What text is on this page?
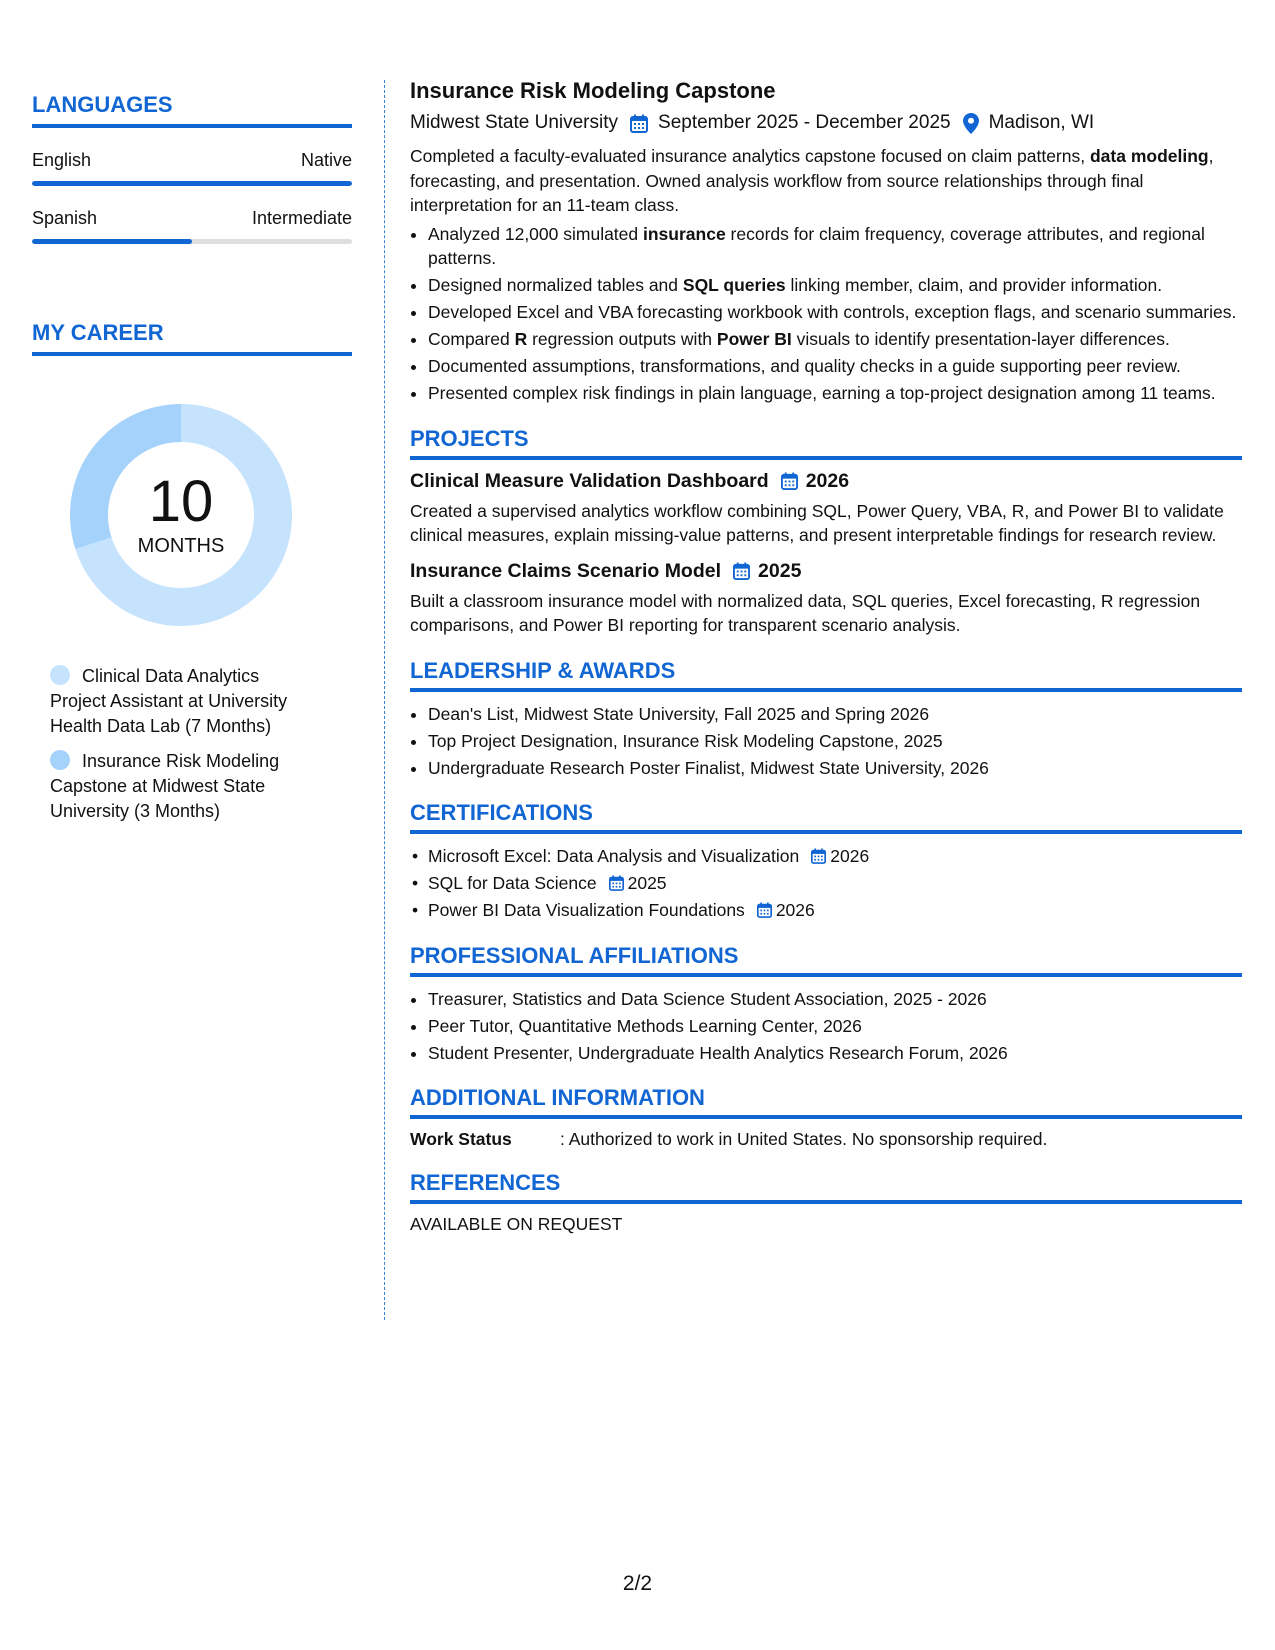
LANGUAGES
English	Native
Spanish	Intermediate
MY CAREER
10
MONTHS
Clinical Data Analytics Project Assistant at University Health Data Lab (7 Months)
Insurance Risk Modeling Capstone at Midwest State University (3 Months)
Insurance Risk Modeling Capstone
Midwest State University September 2025 - December 2025 Madison, WI
Completed a faculty-evaluated insurance analytics capstone focused on claim patterns, data modeling, forecasting, and presentation. Owned analysis workflow from source relationships through final interpretation for an 11-team class.
• Analyzed 12,000 simulated insurance records for claim frequency, coverage attributes, and regional patterns.
• Designed normalized tables and SQL queries linking member, claim, and provider information.
• Developed Excel and VBA forecasting workbook with controls, exception flags, and scenario summaries.
• Compared R regression outputs with Power BI visuals to identify presentation-layer differences.
• Documented assumptions, transformations, and quality checks in a guide supporting peer review.
• Presented complex risk findings in plain language, earning a top-project designation among 11 teams.
PROJECTS
Clinical Measure Validation Dashboard 2026
Created a supervised analytics workflow combining SQL, Power Query, VBA, R, and Power BI to validate clinical measures, explain missing-value patterns, and present interpretable findings for research review.
Insurance Claims Scenario Model 2025
Built a classroom insurance model with normalized data, SQL queries, Excel forecasting, R regression comparisons, and Power BI reporting for transparent scenario analysis.
LEADERSHIP & AWARDS
• Dean's List, Midwest State University, Fall 2025 and Spring 2026
• Top Project Designation, Insurance Risk Modeling Capstone, 2025
• Undergraduate Research Poster Finalist, Midwest State University, 2026
CERTIFICATIONS
• Microsoft Excel: Data Analysis and Visualization 2026
• SQL for Data Science 2025
• Power BI Data Visualization Foundations 2026
PROFESSIONAL AFFILIATIONS
• Treasurer, Statistics and Data Science Student Association, 2025 - 2026
• Peer Tutor, Quantitative Methods Learning Center, 2026
• Student Presenter, Undergraduate Health Analytics Research Forum, 2026
ADDITIONAL INFORMATION
Work Status	: Authorized to work in United States. No sponsorship required.
REFERENCES
AVAILABLE ON REQUEST
2/2
